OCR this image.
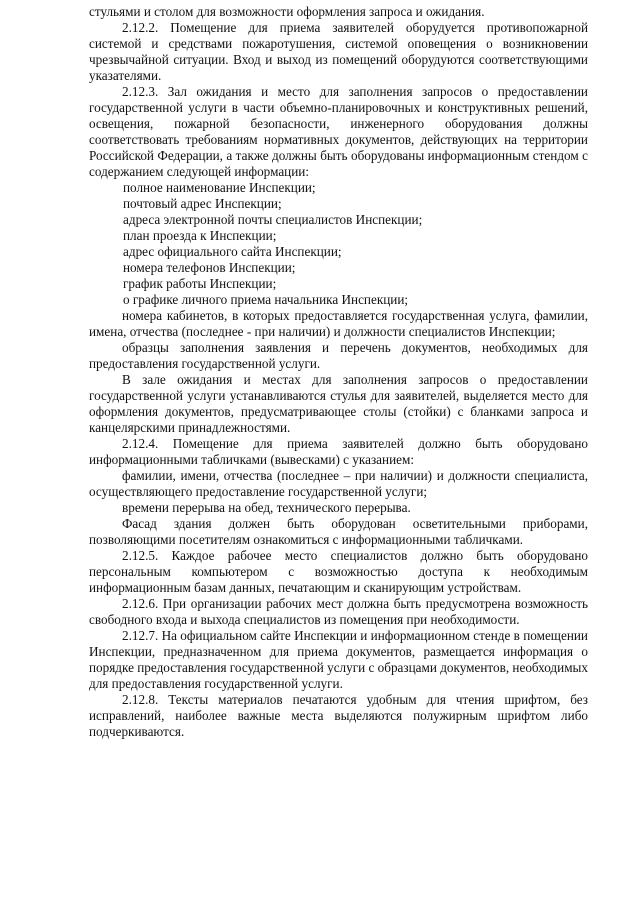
стульями и столом для возможности оформления запроса и ожидания.

2.12.2. Помещение для приема заявителей оборудуется противопожарной системой и средствами пожаротушения, системой оповещения о возникновении чрезвычайной ситуации. Вход и выход из помещений оборудуются соответствующими указателями.

2.12.3. Зал ожидания и место для заполнения запросов о предоставлении государственной услуги в части объемно-планировочных и конструктивных решений, освещения, пожарной безопасности, инженерного оборудования должны соответствовать требованиям нормативных документов, действующих на территории Российской Федерации, а также должны быть оборудованы информационным стендом с содержанием следующей информации:

полное наименование Инспекции;

почтовый адрес Инспекции;

адреса электронной почты специалистов Инспекции;

план проезда к Инспекции;

адрес официального сайта Инспекции;

номера телефонов Инспекции;

график работы Инспекции;

о графике личного приема начальника Инспекции;

номера кабинетов, в которых предоставляется государственная услуга, фамилии, имена, отчества (последнее - при наличии) и должности специалистов Инспекции;

образцы заполнения заявления и перечень документов, необходимых для предоставления государственной услуги.

В зале ожидания и местах для заполнения запросов о предоставлении государственной услуги устанавливаются стулья для заявителей, выделяется место для оформления документов, предусматривающее столы (стойки) с бланками запроса и канцелярскими принадлежностями.

2.12.4. Помещение для приема заявителей должно быть оборудовано информационными табличками (вывесками) с указанием:

фамилии, имени, отчества (последнее – при наличии) и должности специалиста, осуществляющего предоставление государственной услуги;

времени перерыва на обед, технического перерыва.

Фасад здания должен быть оборудован осветительными приборами, позволяющими посетителям ознакомиться с информационными табличками.

2.12.5. Каждое рабочее место специалистов должно быть оборудовано персональным компьютером с возможностью доступа к необходимым информационным базам данных, печатающим и сканирующим устройствам.

2.12.6. При организации рабочих мест должна быть предусмотрена возможность свободного входа и выхода специалистов из помещения при необходимости.

2.12.7. На официальном сайте Инспекции и информационном стенде в помещении Инспекции, предназначенном для приема документов, размещается информация о порядке предоставления государственной услуги с образцами документов, необходимых для предоставления государственной услуги.

2.12.8. Тексты материалов печатаются удобным для чтения шрифтом, без исправлений, наиболее важные места выделяются полужирным шрифтом либо подчеркиваются.
